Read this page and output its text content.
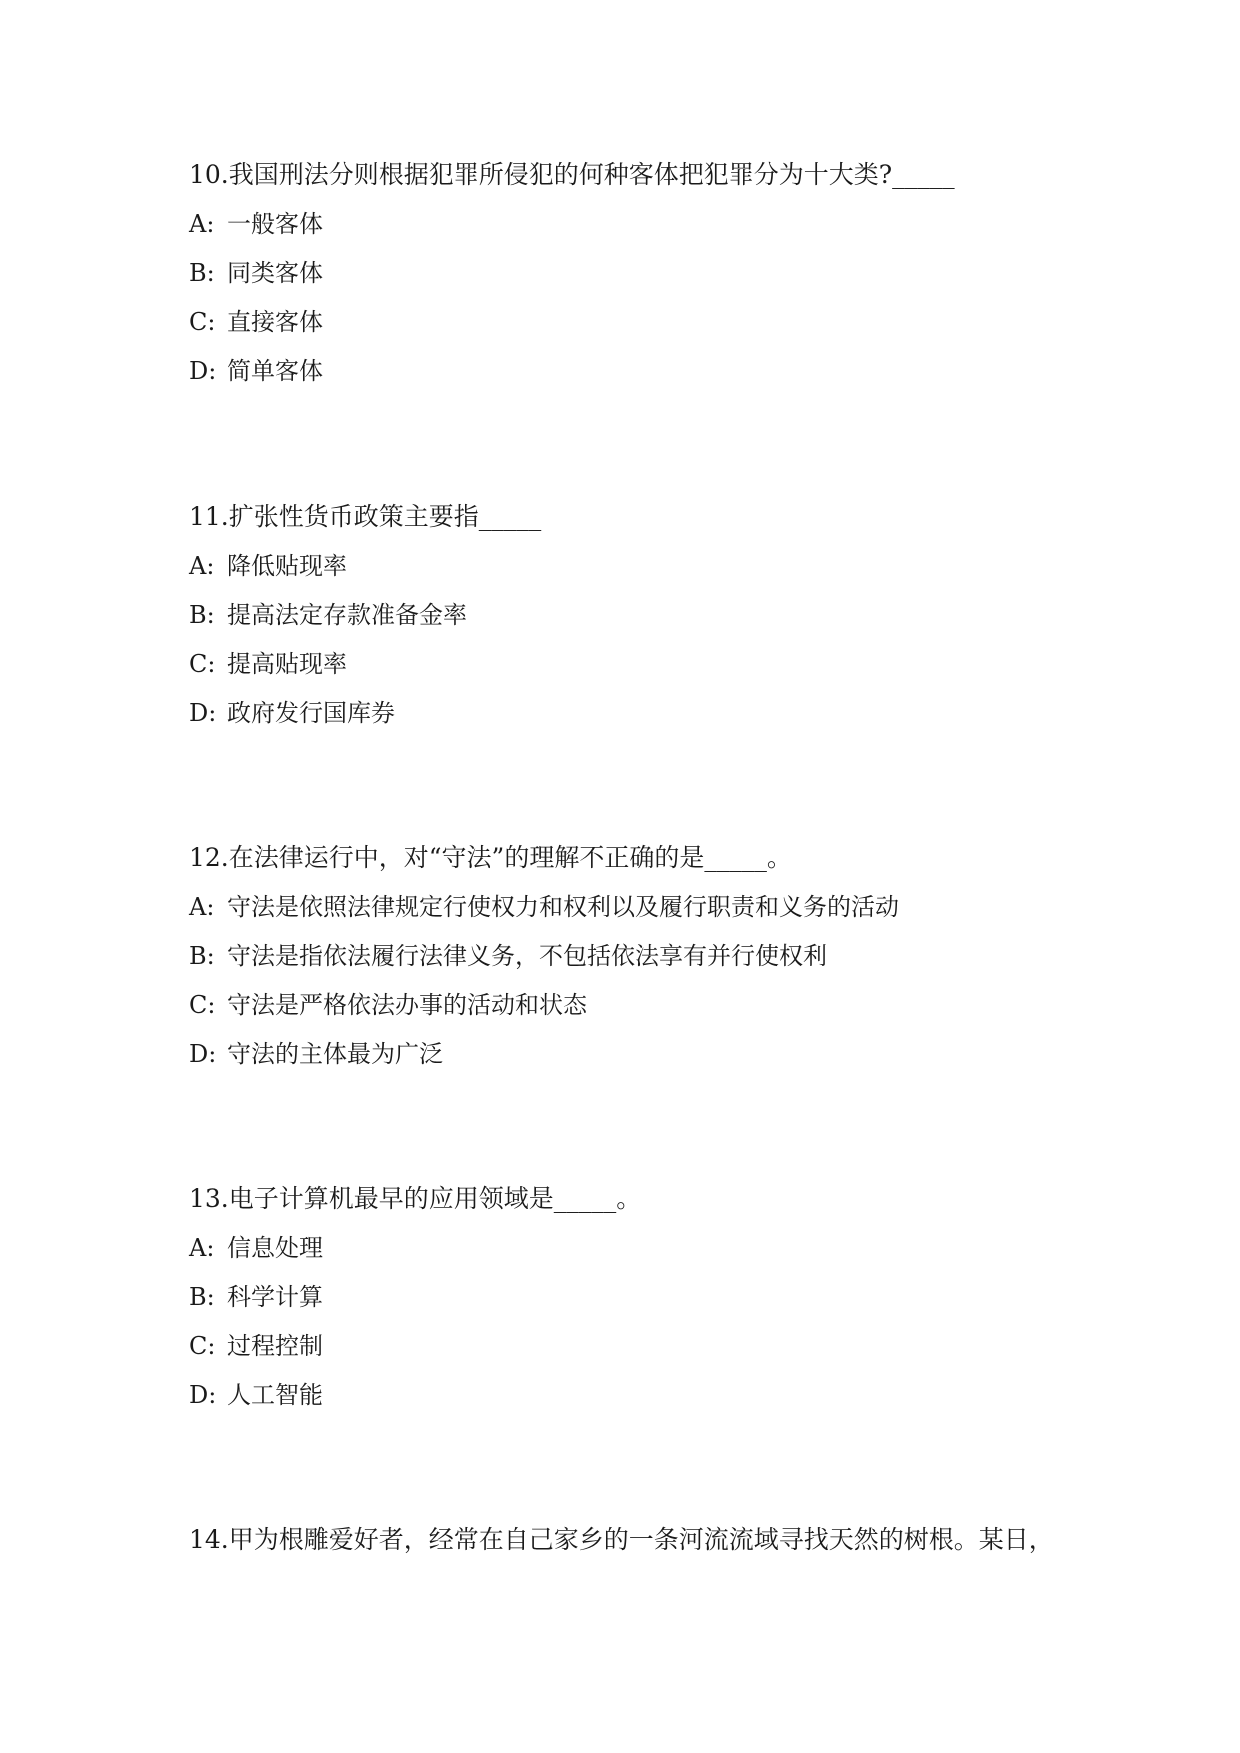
10.我国刑法分则根据犯罪所侵犯的何种客体把犯罪分为十大类?_____

A: 一般客体
B: 同类客体
C: 直接客体
D: 简单客体

11.扩张性货币政策主要指_____

A: 降低贴现率
B: 提高法定存款准备金率
C: 提高贴现率
D: 政府发行国库券

12.在法律运行中，对“守法”的理解不正确的是_____。

A: 守法是依照法律规定行使权力和权利以及履行职责和义务的活动
B: 守法是指依法履行法律义务，不包括依法享有并行使权利
C: 守法是严格依法办事的活动和状态
D: 守法的主体最为广泛

13.电子计算机最早的应用领域是_____。

A: 信息处理
B: 科学计算
C: 过程控制
D: 人工智能

14.甲为根雕爱好者，经常在自己家乡的一条河流流域寻找天然的树根。某日，
